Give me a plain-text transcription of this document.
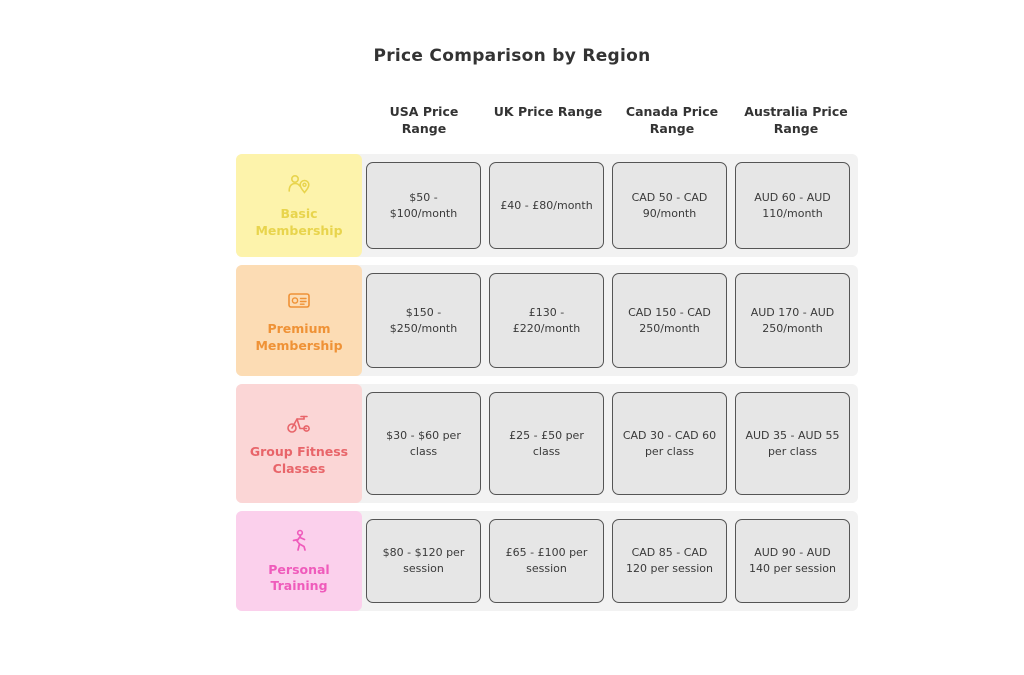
Price Comparison by Region
USA Price Range
UK Price Range	Canada Price Range
Australia Price Range
Basic Membership
$50 - $100/month
£40 - £80/month
CAD 50 - CAD 90/month
AUD 60 - AUD 110/month
Premium Membership
$150 - $250/month
£130 - £220/month
CAD 150 - CAD 250/month
AUD 170 - AUD 250/month
Group Fitness Classes
$30 - $60 per class
£25 - £50 per class
CAD 30 - CAD 60 per class
AUD 35 - AUD 55 per class
Personal Training
$80 - $120 per session
£65 - £100 per session
CAD 85 - CAD 120 per session
AUD 90 - AUD 140 per session
